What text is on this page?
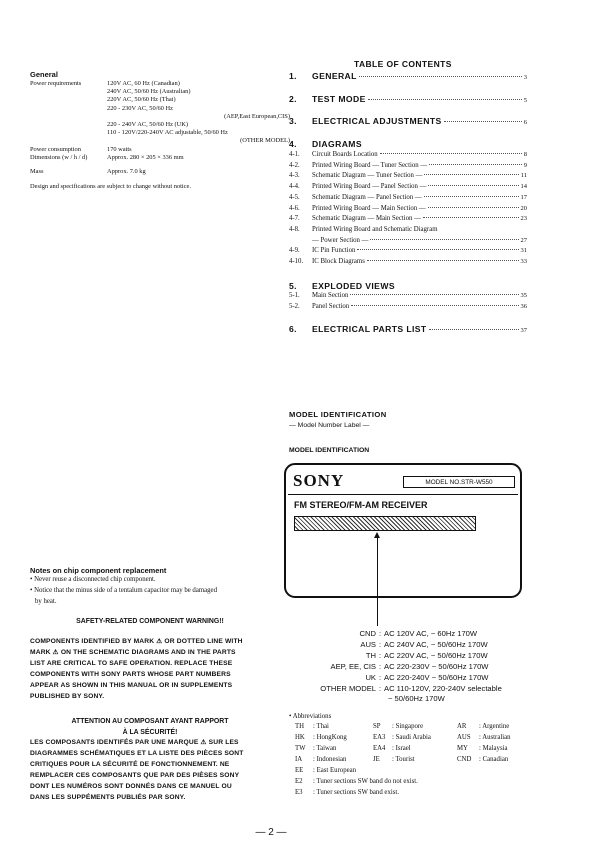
General
Power requirements	120V AC, 60 Hz (Canadian)
240V AC, 50/60 Hz (Australian)
220V AC, 50/60 Hz (Thai)
220 - 230V AC, 50/60 Hz
(AEP,East European,CIS)
220 - 240V AC, 50/60 Hz (UK)
110 - 120V/220-240V AC adjustable, 50/60 Hz
(OTHER MODEL)
Power consumption	170 watts
Dimensions (w / h / d)	Approx. 280 × 205 × 336 mm
Mass	Approx. 7.0 kg
Design and specifications are subject to change without notice.
TABLE OF CONTENTS
1.	GENERAL	3
2.	TEST MODE	5
3.	ELECTRICAL ADJUSTMENTS	6
4.	DIAGRAMS
4-1.	Circuit Boards Location	8
4-2.	Printed Wiring Board — Tuner Section —	9
4-3.	Schematic Diagram — Tuner Section —	11
4-4.	Printed Wiring Board — Panel Section —	14
4-5.	Schematic Diagram — Panel Section —	17
4-6.	Printed Wiring Board — Main Section —	20
4-7.	Schematic Diagram — Main Section —	23
4-8.	Printed Wiring Board and Schematic Diagram
— Power Section —	27
4-9.	IC Pin Function	31
4-10.	IC Block Diagrams	33
5.	EXPLODED VIEWS
5-1.	Main Section	35
5-2.	Panel Section	36
6.	ELECTRICAL PARTS LIST	37
MODEL IDENTIFICATION
— Model Number Label —
MODEL IDENTIFICATION
SONY	MODEL NO.STR-W550
FM STEREO/FM-AM RECEIVER
CND : AC 120V AC, ~ 60Hz 170W
AUS : AC 240V AC, ~ 50/60Hz 170W
TH : AC 220V AC, ~ 50/60Hz 170W
AEP, EE, CIS : AC 220-230V ~ 50/60Hz 170W
UK : AC 220-240V ~ 50/60Hz 170W
OTHER MODEL : AC 110-120V, 220-240V selectable
~ 50/60Hz 170W
• Abbreviations
TH : Thai
HK : HongKong
TW : Taiwan
IA : Indonesian
EE : East European
E2 : Tuner sections SW band do not exist.
E3 : Tuner sections SW band exist.
SP : Singapore
EA3 : Saudi Arabia
EA4 : Israel
JE : Tourist
AR : Argentine
AUS : Australian
MY : Malaysia
CND : Canadian
Notes on chip component replacement
• Never reuse a disconnected chip component.
• Notice that the minus side of a tentalum capacitor may be damaged
by heat.
SAFETY-RELATED COMPONENT WARNING!!
COMPONENTS IDENTIFIED BY MARK ⚠ OR DOTTED LINE WITH
MARK ⚠ ON THE SCHEMATIC DIAGRAMS AND IN THE PARTS
LIST ARE CRITICAL TO SAFE OPERATION. REPLACE THESE
COMPONENTS WITH SONY PARTS WHOSE PART NUMBERS
APPEAR AS SHOWN IN THIS MANUAL OR IN SUPPLEMENTS
PUBLISHED BY SONY.
ATTENTION AU COMPOSANT AYANT RAPPORT
À LA SÉCURITÉ!
LES COMPOSANTS IDENTIFÉS PAR UNE MARQUE ⚠ SUR LES
DIAGRAMMES SCHÉMATIQUES ET LA LISTE DES PIÈCES SONT
CRITIQUES POUR LA SÉCURITÉ DE FONCTIONNEMENT. NE
REMPLACER CES COMPOSANTS QUE PAR DES PIÈSES SONY
DONT LES NUMÉROS SONT DONNÉS DANS CE MANUEL OU
DANS LES SUPPÉMENTS PUBLIÉS PAR SONY.
— 2 —
